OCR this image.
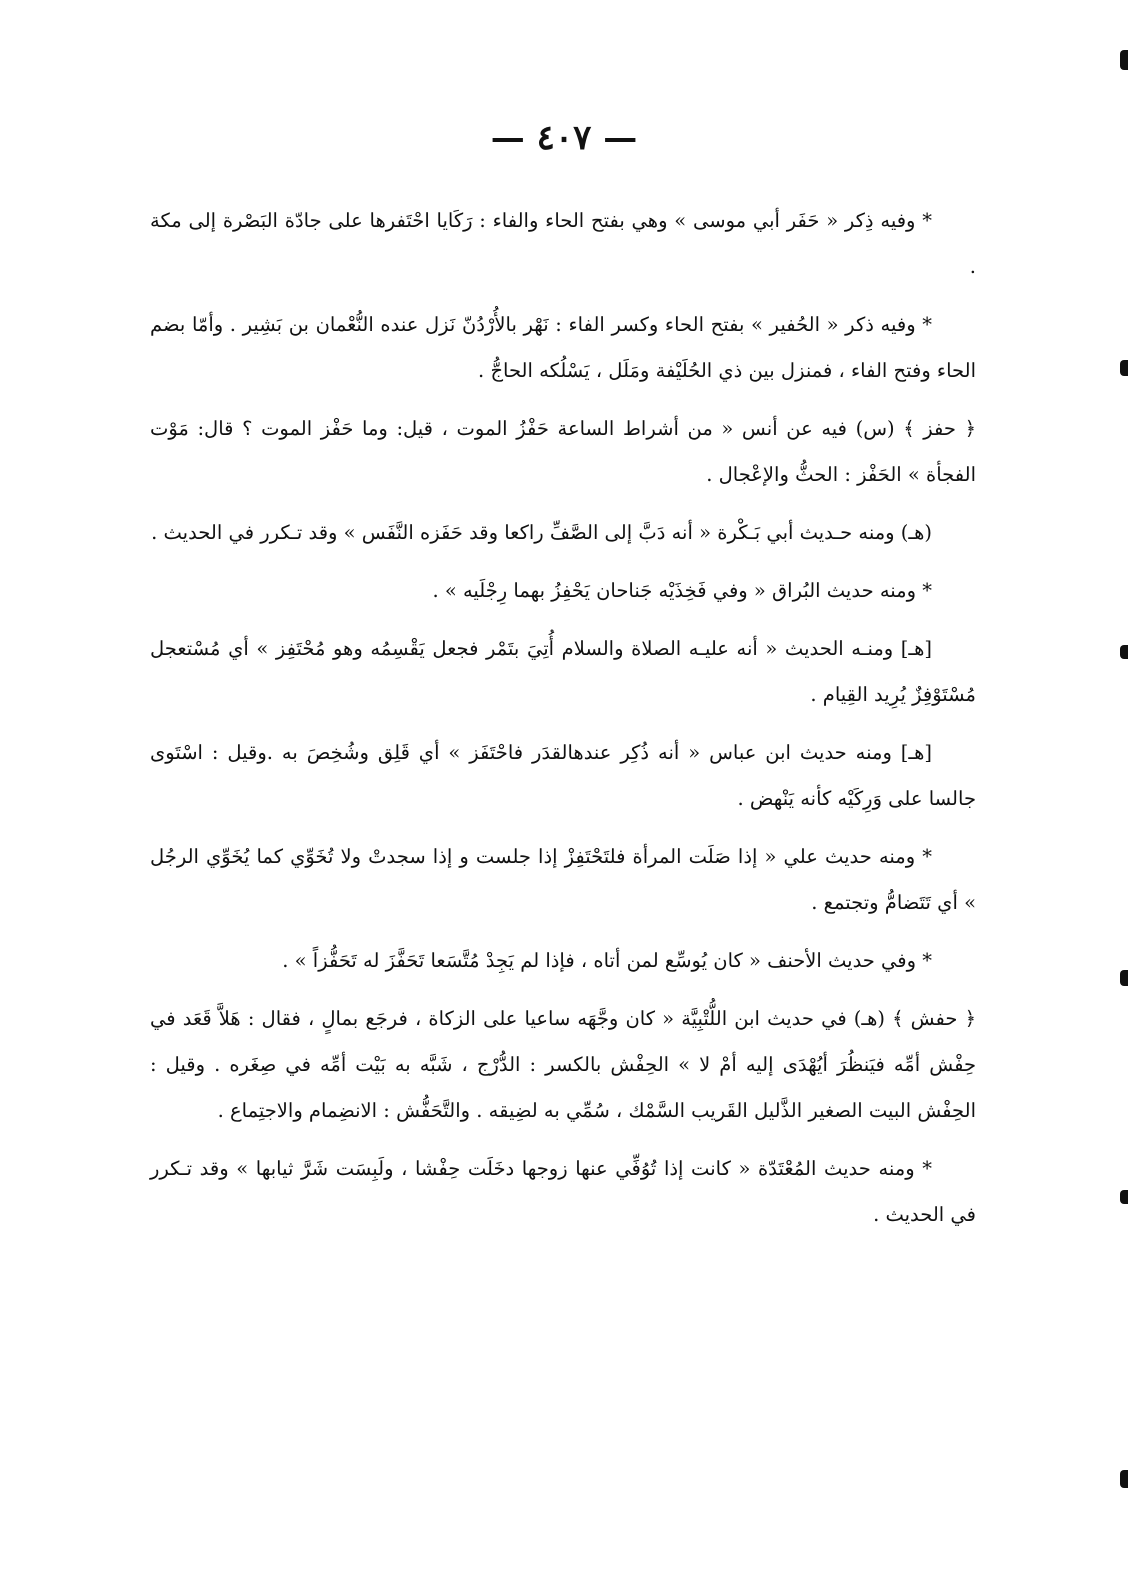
— ٤٠٧ —

* وفيه ذِكر « حَفَر أبي موسى » وهي بفتح الحاء والفاء : رَكَايا احْتَفرها على جادّة البَصْرة إلى مكة .

* وفيه ذكر « الحُفير » بفتح الحاء وكسر الفاء : نَهْر بالأُرْدُنّ نَزل عنده النُّعْمان بن بَشِير . وأمّا بضم الحاء وفتح الفاء ، فمنزل بين ذي الحُلَيْفة ومَلَل ، يَسْلُكه الحاجُّ .

﴿ حفز ﴾ (س) فيه عن أنس « من أشراط الساعة حَفْزُ الموت ، قيل: وما حَفْز الموت ؟ قال: مَوْت الفجأة » الحَفْز : الحثُّ والإعْجال .

(هـ) ومنه حـديث أبي بَـكْرة « أنه دَبَّ إلى الصَّفِّ راكعا وقد حَفَزه النَّفَس » وقد تـكرر في الحديث .

* ومنه حديث البُراق « وفي فَخِذَيْه جَناحان يَحْفِزُ بهما رِجْلَيه » .

[هـ] ومنـه الحديث « أنه عليـه الصلاة والسلام أُتِيَ بتَمْر فجعل يَقْسِمُه وهو مُحْتَفِز » أي مُسْتعجل مُسْتَوْفِزٌ يُرِيد القِيام .

[هـ] ومنه حديث ابن عباس « أنه ذُكِر عندهالقدَر فاحْتَفَز » أي قَلِق وشُخِصَ به .وقيل : اسْتَوى جالسا على وَرِكَيْه كأنه يَنْهض .

* ومنه حديث علي « إذا صَلَت المرأة فلتَحْتَفِزْ إذا جلست و إذا سجدتْ ولا تُخَوِّي كما يُخَوِّي الرجُل » أي تَتَضامُّ وتجتمع .

* وفي حديث الأحنف « كان يُوسِّع لمن أتاه ، فإذا لم يَجِدْ مُتَّسَعا تَحَفَّزَ له تَحَفُّزاً » .

﴿ حفش ﴾ (هـ) في حديث ابن اللُّتْبِيَّة « كان وجَّهَه ساعيا على الزكاة ، فرجَع بمالٍ ، فقال : هَلاَّ قَعَد في حِفْش أمِّه فيَنظُرَ أيُهْدَى إليه أمْ لا » الحِفْش بالكسر : الدُّرْج ، شَبَّه به بَيْت أمِّه في صِغَره . وقيل : الحِفْش البيت الصغير الذَّليل القَريب السَّمْك ، سُمِّي به لضِيقه . والتَّحَفُّش : الانضِمام والاجتِماع .

* ومنه حديث المُعْتَدّة « كانت إذا تُوُفِّي عنها زوجها دخَلَت حِفْشا ، ولَبِسَت شَرَّ ثيابها » وقد تـكرر في الحديث .
